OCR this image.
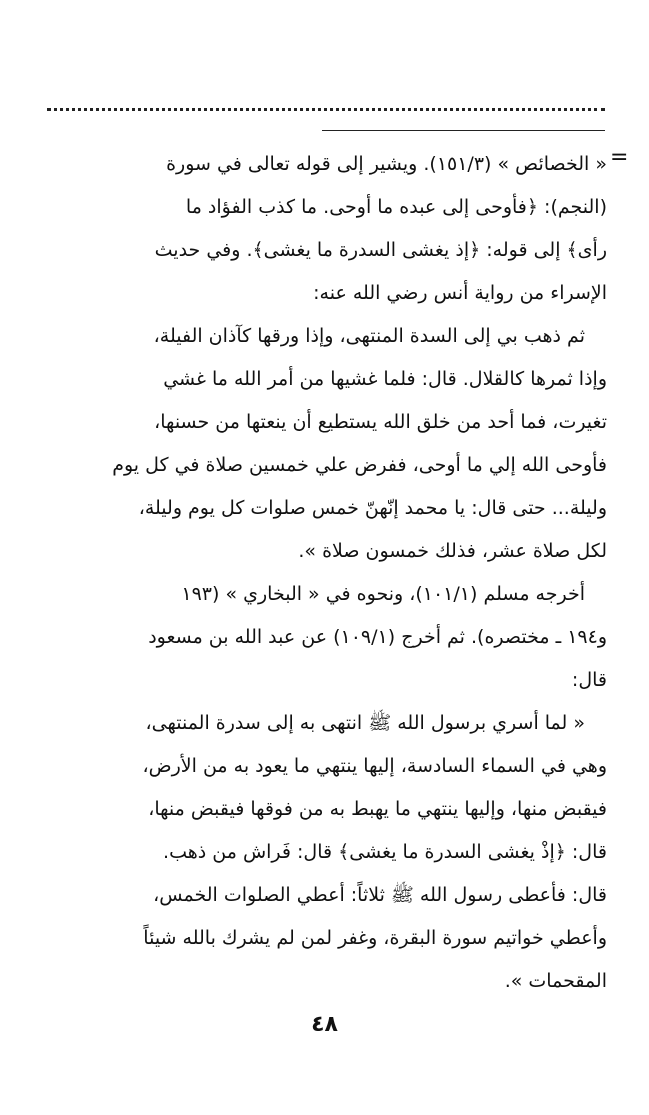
=
« الخصائص » (١٥١/٣). ويشير إلى قوله تعالى في سورة
(النجم): ﴿فأوحى إلى عبده ما أوحى. ما كذب الفؤاد ما
رأى﴾ إلى قوله: ﴿إذ يغشى السدرة ما يغشى﴾. وفي حديث
الإسراء من رواية أنس رضي الله عنه:
ثم ذهب بي إلى السدة المنتهى، وإذا ورقها كآذان الفيلة،
وإذا ثمرها كالقلال. قال: فلما غشيها من أمر الله ما غشي
تغيرت، فما أحد من خلق الله يستطيع أن ينعتها من حسنها،
فأوحى الله إلي ما أوحى، ففرض علي خمسين صلاة في كل يوم
وليلة... حتى قال: يا محمد إنّهنّ خمس صلوات كل يوم وليلة،
لكل صلاة عشر، فذلك خمسون صلاة ».
أخرجه مسلم (١٠١/١)، ونحوه في « البخاري » (١٩٣
و١٩٤ ـ مختصره). ثم أخرج (١٠٩/١) عن عبد الله بن مسعود
قال:
« لما أسري برسول الله ﷺ انتهى به إلى سدرة المنتهى،
وهي في السماء السادسة، إليها ينتهي ما يعود به من الأرض،
فيقبض منها، وإليها ينتهي ما يهبط به من فوقها فيقبض منها،
قال: ﴿إذْ يغشى السدرة ما يغشى﴾ قال: فَراش من ذهب.
قال: فأعطى رسول الله ﷺ ثلاثاً: أعطي الصلوات الخمس،
وأعطي خواتيم سورة البقرة، وغفر لمن لم يشرك بالله شيئاً
المقحمات ».
٤٨
